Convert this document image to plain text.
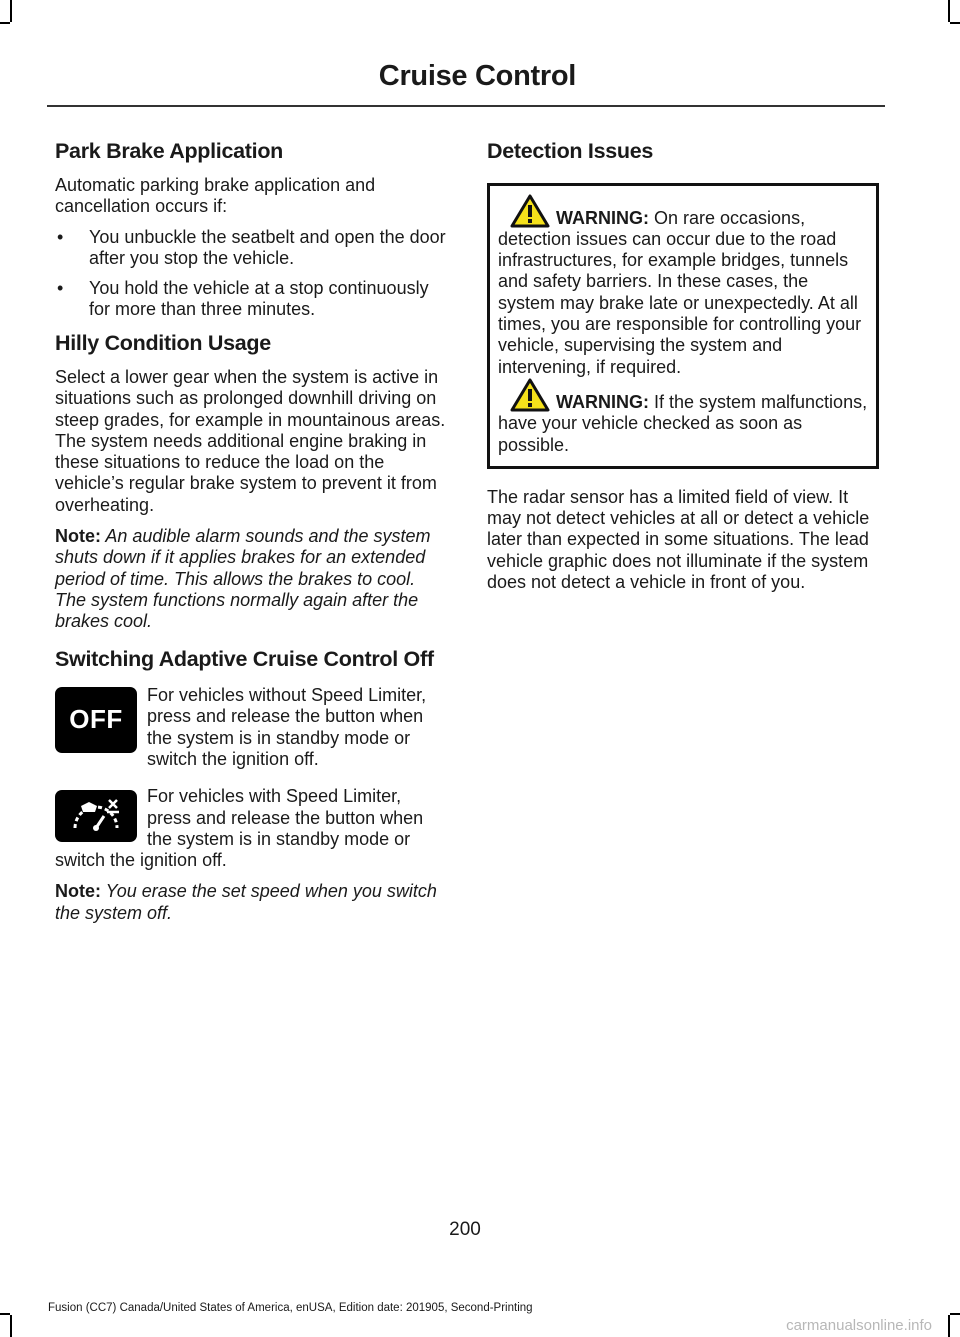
Cruise Control
Park Brake Application

Automatic parking brake application and cancellation occurs if:

• You unbuckle the seatbelt and open the door after you stop the vehicle.
• You hold the vehicle at a stop continuously for more than three minutes.
Hilly Condition Usage

Select a lower gear when the system is active in situations such as prolonged downhill driving on steep grades, for example in mountainous areas. The system needs additional engine braking in these situations to reduce the load on the vehicle’s regular brake system to prevent it from overheating.

Note: An audible alarm sounds and the system shuts down if it applies brakes for an extended period of time. This allows the brakes to cool. The system functions normally again after the brakes cool.

Switching Adaptive Cruise Control Off

OFF
For vehicles without Speed Limiter, press and release the button when the system is in standby mode or switch the ignition off.

For vehicles with Speed Limiter, press and release the button when the system is in standby mode or switch the ignition off.

Note: You erase the set speed when you switch the system off.

Detection Issues

WARNING: On rare occasions, detection issues can occur due to the road infrastructures, for example bridges, tunnels and safety barriers. In these cases, the system may brake late or unexpectedly. At all times, you are responsible for controlling your vehicle, supervising the system and intervening, if required.

WARNING: If the system malfunctions, have your vehicle checked as soon as possible.

The radar sensor has a limited field of view. It may not detect vehicles at all or detect a vehicle later than expected in some situations. The lead vehicle graphic does not illuminate if the system does not detect a vehicle in front of you.

200
Fusion (CC7) Canada/United States of America, enUSA, Edition date: 201905, Second-Printing
carmanualsonline.info
